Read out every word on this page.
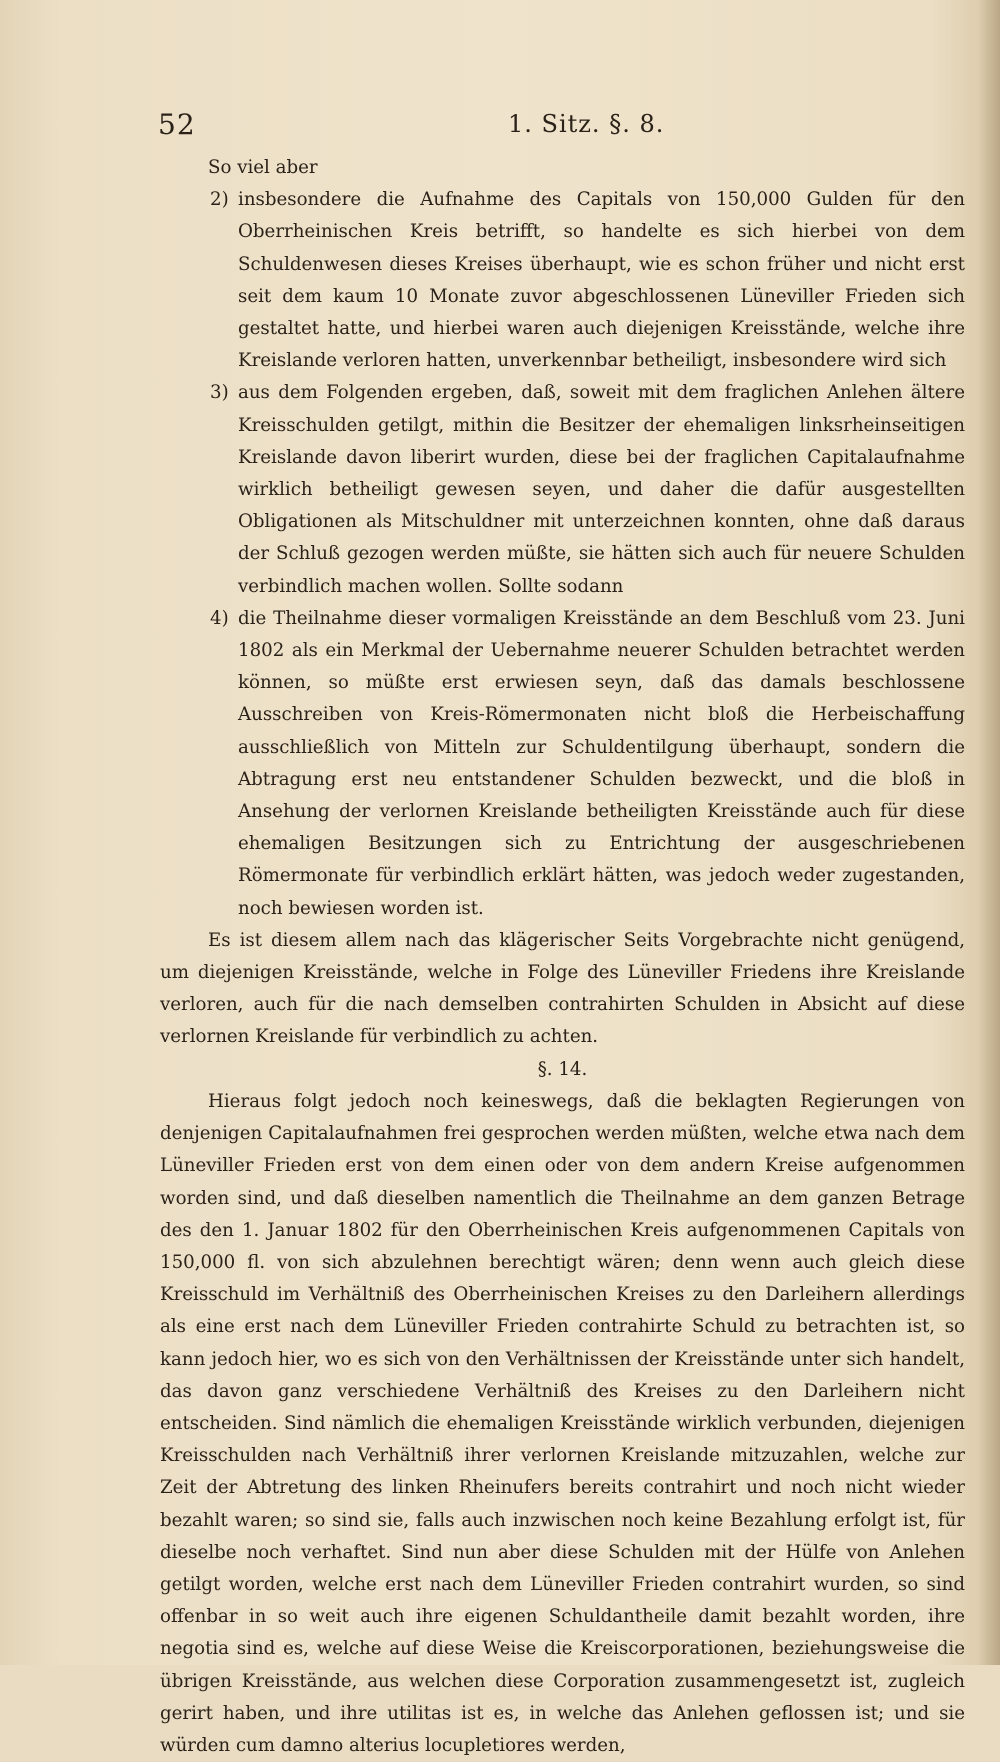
52	1. Sitz. §. 8.

So viel aber

2) insbesondere die Aufnahme des Capitals von 150,000 Gulden für den Oberrheinischen Kreis betrifft, so handelte es sich hierbei von dem Schuldenwesen dieses Kreises überhaupt, wie es schon früher und nicht erst seit dem kaum 10 Monate zuvor abgeschlossenen Lüneviller Frieden sich gestaltet hatte, und hierbei waren auch diejenigen Kreisstände, welche ihre Kreislande verloren hatten, unverkennbar betheiligt, insbesondere wird sich

3) aus dem Folgenden ergeben, daß, soweit mit dem fraglichen Anlehen ältere Kreisschulden getilgt, mithin die Besitzer der ehemaligen linksrheinseitigen Kreislande davon liberirt wurden, diese bei der fraglichen Capitalaufnahme wirklich betheiligt gewesen seyen, und daher die dafür ausgestellten Obligationen als Mitschuldner mit unterzeichnen konnten, ohne daß daraus der Schluß gezogen werden müßte, sie hätten sich auch für neuere Schulden verbindlich machen wollen. Sollte sodann

4) die Theilnahme dieser vormaligen Kreisstände an dem Beschluß vom 23. Juni 1802 als ein Merkmal der Uebernahme neuerer Schulden betrachtet werden können, so müßte erst erwiesen seyn, daß das damals beschlossene Ausschreiben von Kreis-Römermonaten nicht bloß die Herbeischaffung ausschließlich von Mitteln zur Schuldentilgung überhaupt, sondern die Abtragung erst neu entstandener Schulden bezweckt, und die bloß in Ansehung der verlornen Kreislande betheiligten Kreisstände auch für diese ehemaligen Besitzungen sich zu Entrichtung der ausgeschriebenen Römermonate für verbindlich erklärt hätten, was jedoch weder zugestanden, noch bewiesen worden ist.

Es ist diesem allem nach das klägerischer Seits Vorgebrachte nicht genügend, um diejenigen Kreisstände, welche in Folge des Lüneviller Friedens ihre Kreislande verloren, auch für die nach demselben contrahirten Schulden in Absicht auf diese verlornen Kreislande für verbindlich zu achten.

§. 14.

Hieraus folgt jedoch noch keineswegs, daß die beklagten Regierungen von denjenigen Capitalaufnahmen frei gesprochen werden müßten, welche etwa nach dem Lüneviller Frieden erst von dem einen oder von dem andern Kreise aufgenommen worden sind, und daß dieselben namentlich die Theilnahme an dem ganzen Betrage des den 1. Januar 1802 für den Oberrheinischen Kreis aufgenommenen Capitals von 150,000 fl. von sich abzulehnen berechtigt wären; denn wenn auch gleich diese Kreisschuld im Verhältniß des Oberrheinischen Kreises zu den Darleihern allerdings als eine erst nach dem Lüneviller Frieden contrahirte Schuld zu betrachten ist, so kann jedoch hier, wo es sich von den Verhältnissen der Kreisstände unter sich handelt, das davon ganz verschiedene Verhältniß des Kreises zu den Darleihern nicht entscheiden. Sind nämlich die ehemaligen Kreisstände wirklich verbunden, diejenigen Kreisschulden nach Verhältniß ihrer verlornen Kreislande mitzuzahlen, welche zur Zeit der Abtretung des linken Rheinufers bereits contrahirt und noch nicht wieder bezahlt waren; so sind sie, falls auch inzwischen noch keine Bezahlung erfolgt ist, für dieselbe noch verhaftet. Sind nun aber diese Schulden mit der Hülfe von Anlehen getilgt worden, welche erst nach dem Lüneviller Frieden contrahirt wurden, so sind offenbar in so weit auch ihre eigenen Schuldantheile damit bezahlt worden, ihre negotia sind es, welche auf diese Weise die Kreiscorporationen, beziehungsweise die übrigen Kreisstände, aus welchen diese Corporation zusammengesetzt ist, zugleich gerirt haben, und ihre utilitas ist es, in welche das Anlehen geflossen ist; und sie würden cum damno alterius locupletiores werden,
